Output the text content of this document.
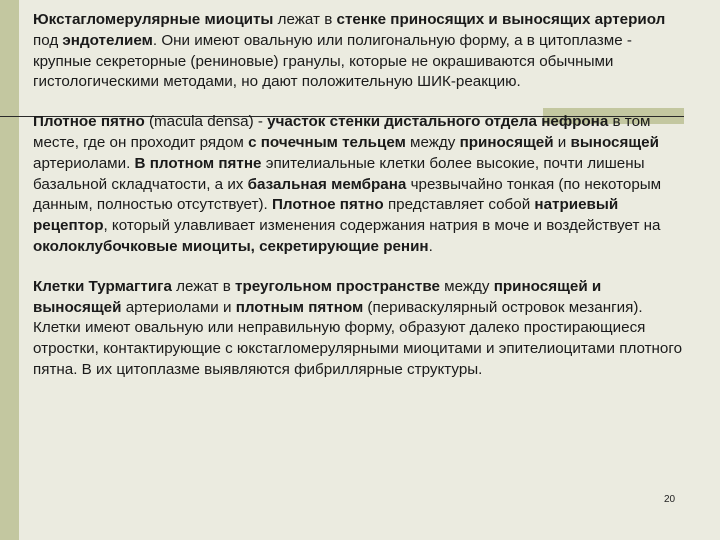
Юкстагломерулярные миоциты лежат в стенке приносящих и выносящих артериол под эндотелием. Они имеют овальную или полигональную форму, а в цитоплазме - крупные секреторные (рениновые) гранулы, которые не окрашиваются обычными гистологическими методами, но дают положительную ШИК-реакцию.

Плотное пятно (macula densa) - участок стенки дистального отдела нефрона в том месте, где он проходит рядом с почечным тельцем между приносящей и выносящей артериолами. В плотном пятне эпителиальные клетки более высокие, почти лишены базальной складчатости, а их базальная мембрана чрезвычайно тонкая (по некоторым данным, полностью отсутствует). Плотное пятно представляет собой натриевый рецептор, который улавливает изменения содержания натрия в моче и воздействует на околоклубочковые миоциты, секретирующие ренин.

Клетки Турмагтига лежат в треугольном пространстве между приносящей и выносящей артериолами и плотным пятном (периваскулярный островок мезангия). Клетки имеют овальную или неправильную форму, образуют далеко простирающиеся отростки, контактирующие с юкстагломерулярными миоцитами и эпителиоцитами плотного пятна. В их цитоплазме выявляются фибриллярные структуры.

20
